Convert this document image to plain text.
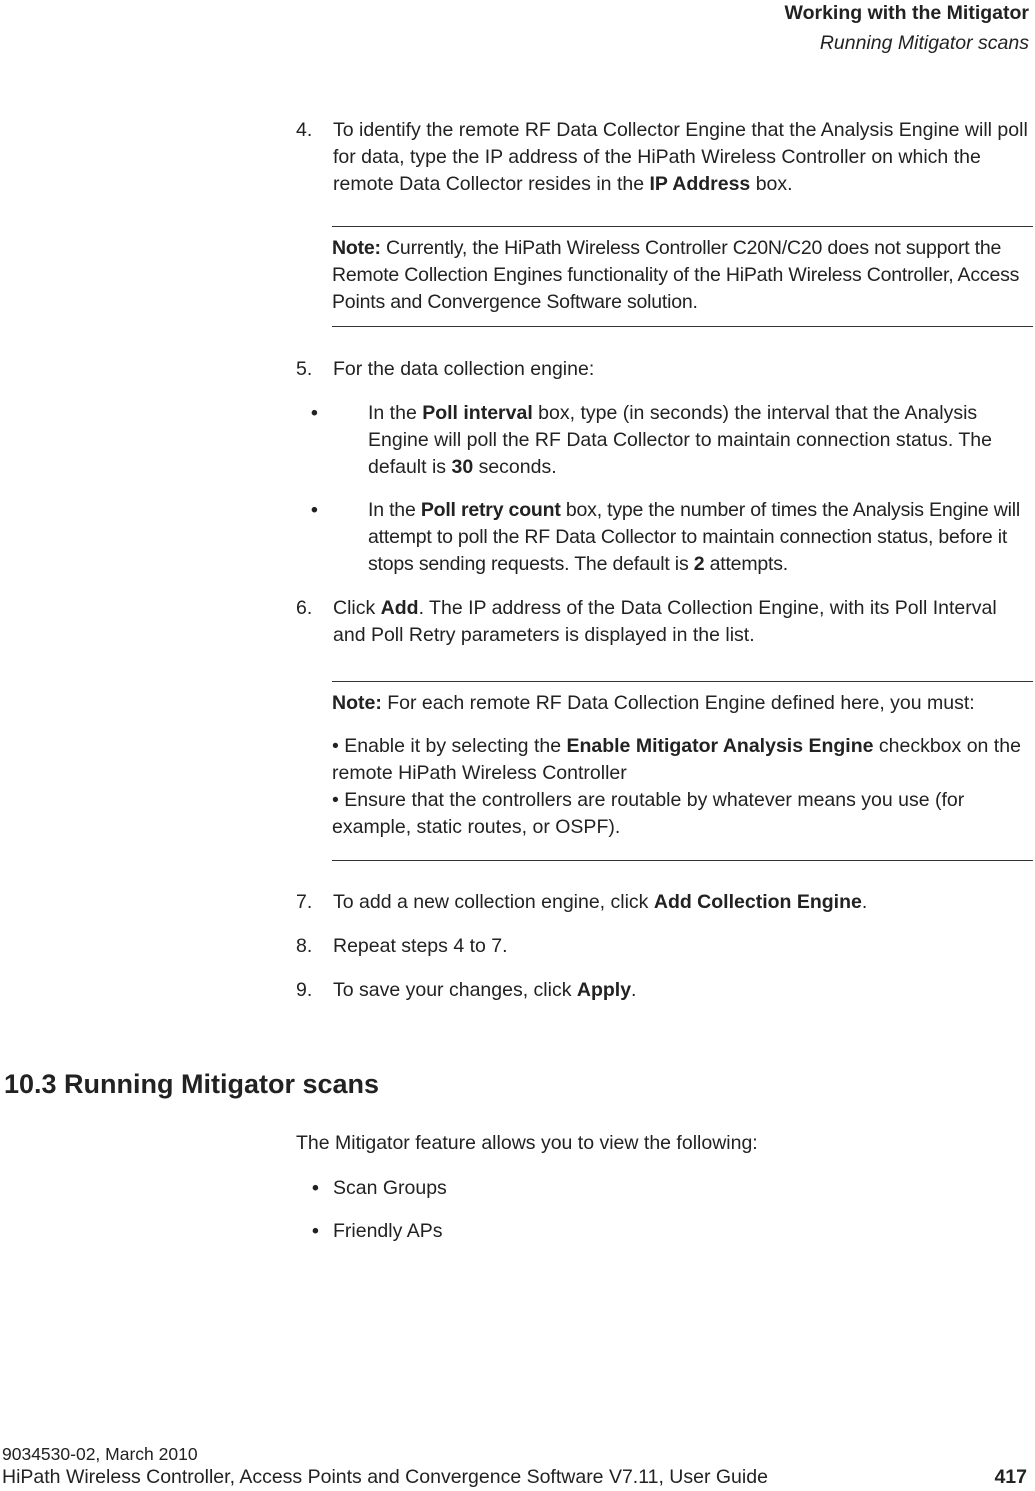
Working with the Mitigator
Running Mitigator scans
4. To identify the remote RF Data Collector Engine that the Analysis Engine will poll for data, type the IP address of the HiPath Wireless Controller on which the remote Data Collector resides in the IP Address box.
Note: Currently, the HiPath Wireless Controller C20N/C20 does not support the Remote Collection Engines functionality of the HiPath Wireless Controller, Access Points and Convergence Software solution.
5. For the data collection engine:
•	In the Poll interval box, type (in seconds) the interval that the Analysis Engine will poll the RF Data Collector to maintain connection status. The default is 30 seconds.
•	In the Poll retry count box, type the number of times the Analysis Engine will attempt to poll the RF Data Collector to maintain connection status, before it stops sending requests. The default is 2 attempts.
6. Click Add. The IP address of the Data Collection Engine, with its Poll Interval and Poll Retry parameters is displayed in the list.
Note: For each remote RF Data Collection Engine defined here, you must:
• Enable it by selecting the Enable Mitigator Analysis Engine checkbox on the remote HiPath Wireless Controller
• Ensure that the controllers are routable by whatever means you use (for example, static routes, or OSPF).
7. To add a new collection engine, click Add Collection Engine.
8. Repeat steps 4 to 7.
9. To save your changes, click Apply.
10.3 Running Mitigator scans
The Mitigator feature allows you to view the following:
• Scan Groups
• Friendly APs
9034530-02, March 2010
HiPath Wireless Controller, Access Points and Convergence Software V7.11, User Guide	417
